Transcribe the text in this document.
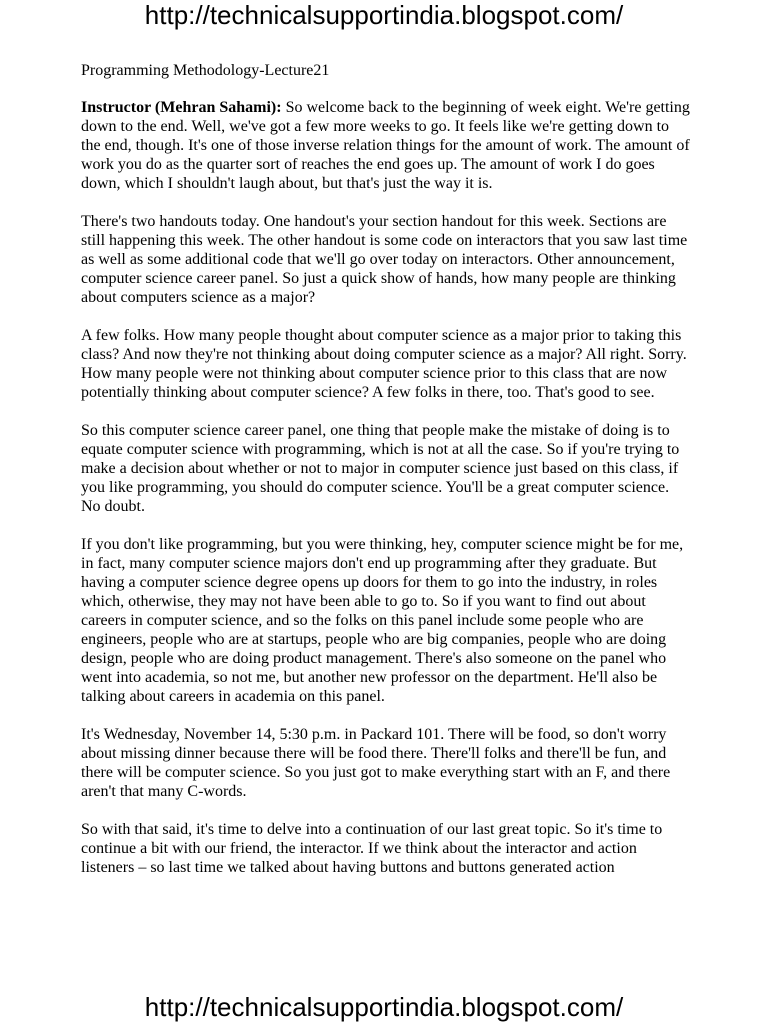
http://technicalsupportindia.blogspot.com/
Programming Methodology-Lecture21

Instructor (Mehran Sahami): So welcome back to the beginning of week eight. We're getting down to the end. Well, we've got a few more weeks to go. It feels like we're getting down to the end, though. It's one of those inverse relation things for the amount of work. The amount of work you do as the quarter sort of reaches the end goes up. The amount of work I do goes down, which I shouldn't laugh about, but that's just the way it is.

There's two handouts today. One handout's your section handout for this week. Sections are still happening this week. The other handout is some code on interactors that you saw last time as well as some additional code that we'll go over today on interactors. Other announcement, computer science career panel. So just a quick show of hands, how many people are thinking about computers science as a major?

A few folks. How many people thought about computer science as a major prior to taking this class? And now they're not thinking about doing computer science as a major? All right. Sorry. How many people were not thinking about computer science prior to this class that are now potentially thinking about computer science? A few folks in there, too. That's good to see.

So this computer science career panel, one thing that people make the mistake of doing is to equate computer science with programming, which is not at all the case. So if you're trying to make a decision about whether or not to major in computer science just based on this class, if you like programming, you should do computer science. You'll be a great computer science. No doubt.

If you don't like programming, but you were thinking, hey, computer science might be for me, in fact, many computer science majors don't end up programming after they graduate. But having a computer science degree opens up doors for them to go into the industry, in roles which, otherwise, they may not have been able to go to. So if you want to find out about careers in computer science, and so the folks on this panel include some people who are engineers, people who are at startups, people who are big companies, people who are doing design, people who are doing product management. There's also someone on the panel who went into academia, so not me, but another new professor on the department. He'll also be talking about careers in academia on this panel.

It's Wednesday, November 14, 5:30 p.m. in Packard 101. There will be food, so don't worry about missing dinner because there will be food there. There'll folks and there'll be fun, and there will be computer science. So you just got to make everything start with an F, and there aren't that many C-words.

So with that said, it's time to delve into a continuation of our last great topic. So it's time to continue a bit with our friend, the interactor. If we think about the interactor and action listeners – so last time we talked about having buttons and buttons generated action

http://technicalsupportindia.blogspot.com/
